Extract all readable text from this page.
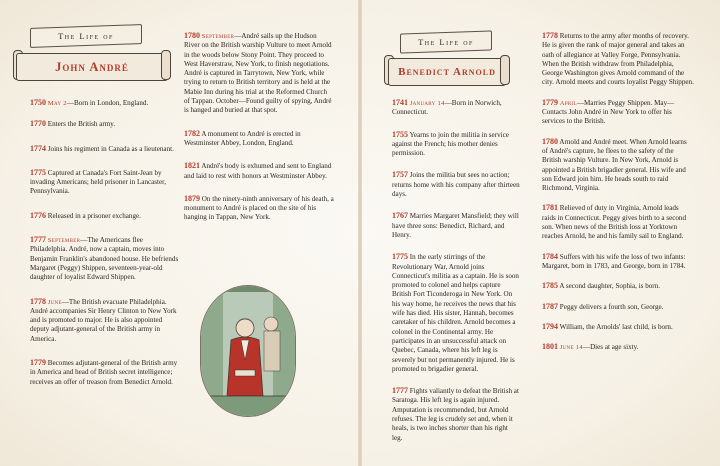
The Life of
John André
The Life of
Benedict Arnold
1750 May 2—Born in London, England.
1770 Enters the British army.
1774 Joins his regiment in Canada as a lieutenant.
1775 Captured at Canada's Fort Saint-Jean by invading Americans; held prisoner in Lancaster, Pennsylvania.
1776 Released in a prisoner exchange.
1777 September—The Americans flee Philadelphia. André, now a captain, moves into Benjamin Franklin's abandoned house. He befriends Margaret (Peggy) Shippen, seventeen-year-old daughter of loyalist Edward Shippen.
1778 June—The British evacuate Philadelphia. André accompanies Sir Henry Clinton to New York and is promoted to major. He is also appointed deputy adjutant-general of the British army in America.
1779 Becomes adjutant-general of the British army in America and head of British secret intelligence; receives an offer of treason from Benedict Arnold.
1780 September—André sails up the Hudson River on the British warship Vulture to meet Arnold in the woods below Stony Point. They proceed to West Haverstraw, New York, to finish negotiations. André is captured in Tarrytown, New York, while trying to return to British territory and is held at the Mabie Inn during his trial at the Reformed Church of Tappan. October—Found guilty of spying, André is hanged and buried at that spot.
1782 A monument to André is erected in Westminster Abbey, London, England.
1821 André's body is exhumed and sent to England and laid to rest with honors at Westminster Abbey.
1879 On the ninety-ninth anniversary of his death, a monument to André is placed on the site of his hanging in Tappan, New York.
1741 January 14—Born in Norwich, Connecticut.
1755 Yearns to join the militia in service against the French; his mother denies permission.
1757 Joins the militia but sees no action; returns home with his company after thirteen days.
1767 Marries Margaret Mansfield; they will have three sons: Benedict, Richard, and Henry.
1775 In the early stirrings of the Revolutionary War, Arnold joins Connecticut's militia as a captain. He is soon promoted to colonel and helps capture British Fort Ticonderoga in New York. On his way home, he receives the news that his wife has died. His sister, Hannah, becomes caretaker of his children. Arnold becomes a colonel in the Continental army. He participates in an unsuccessful attack on Quebec, Canada, where his left leg is severely but not permanently injured. He is promoted to brigadier general.
1777 Fights valiantly to defeat the British at Saratoga. His left leg is again injured. Amputation is recommended, but Arnold refuses. The leg is crudely set and, when it heals, is two inches shorter than his right leg.
1778 Returns to the army after months of recovery. He is given the rank of major general and takes an oath of allegiance at Valley Forge, Pennsylvania. When the British withdraw from Philadelphia, George Washington gives Arnold command of the city. Arnold meets and courts loyalist Peggy Shippen.
1779 April—Marries Peggy Shippen. May—Contacts John André in New York to offer his services to the British.
1780 Arnold and André meet. When Arnold learns of André's capture, he flees to the safety of the British warship Vulture. In New York, Arnold is appointed a British brigadier general. His wife and son Edward join him. He heads south to raid Richmond, Virginia.
1781 Relieved of duty in Virginia, Arnold leads raids in Connecticut. Peggy gives birth to a second son. When news of the British loss at Yorktown reaches Arnold, he and his family sail to England.
1784 Suffers with his wife the loss of two infants: Margaret, born in 1783, and George, born in 1784.
1785 A second daughter, Sophia, is born.
1787 Peggy delivers a fourth son, George.
1794 William, the Arnolds' last child, is born.
1801 June 14—Dies at age sixty.
